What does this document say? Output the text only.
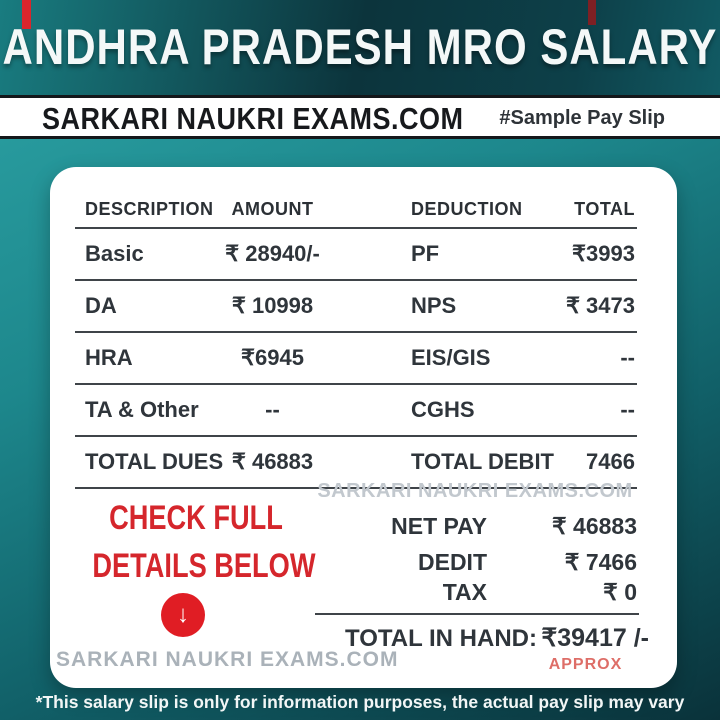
ANDHRA PRADESH MRO SALARY
SARKARI NAUKRI EXAMS.COM #Sample Pay Slip
DESCRIPTION AMOUNT	DEDUCTION	TOTAL
Basic	₹ 28940/-	PF	₹3993
DA	₹ 10998	NPS	₹ 3473
HRA	₹6945	EIS/GIS	--
TA & Other	--	CGHS	--
TOTAL DUES ₹ 46883	TOTAL DEBIT	7466
CHECK FULL
DETAILS BELOW
↓
SARKARI NAUKRI EXAMS.COM
NET PAY	₹ 46883
DEDIT	₹ 7466
TAX	₹ 0
TOTAL IN HAND: ₹39417 /-
APPROX
SARKARI NAUKRI EXAMS.COM
*This salary slip is only for information purposes, the actual pay slip may vary
